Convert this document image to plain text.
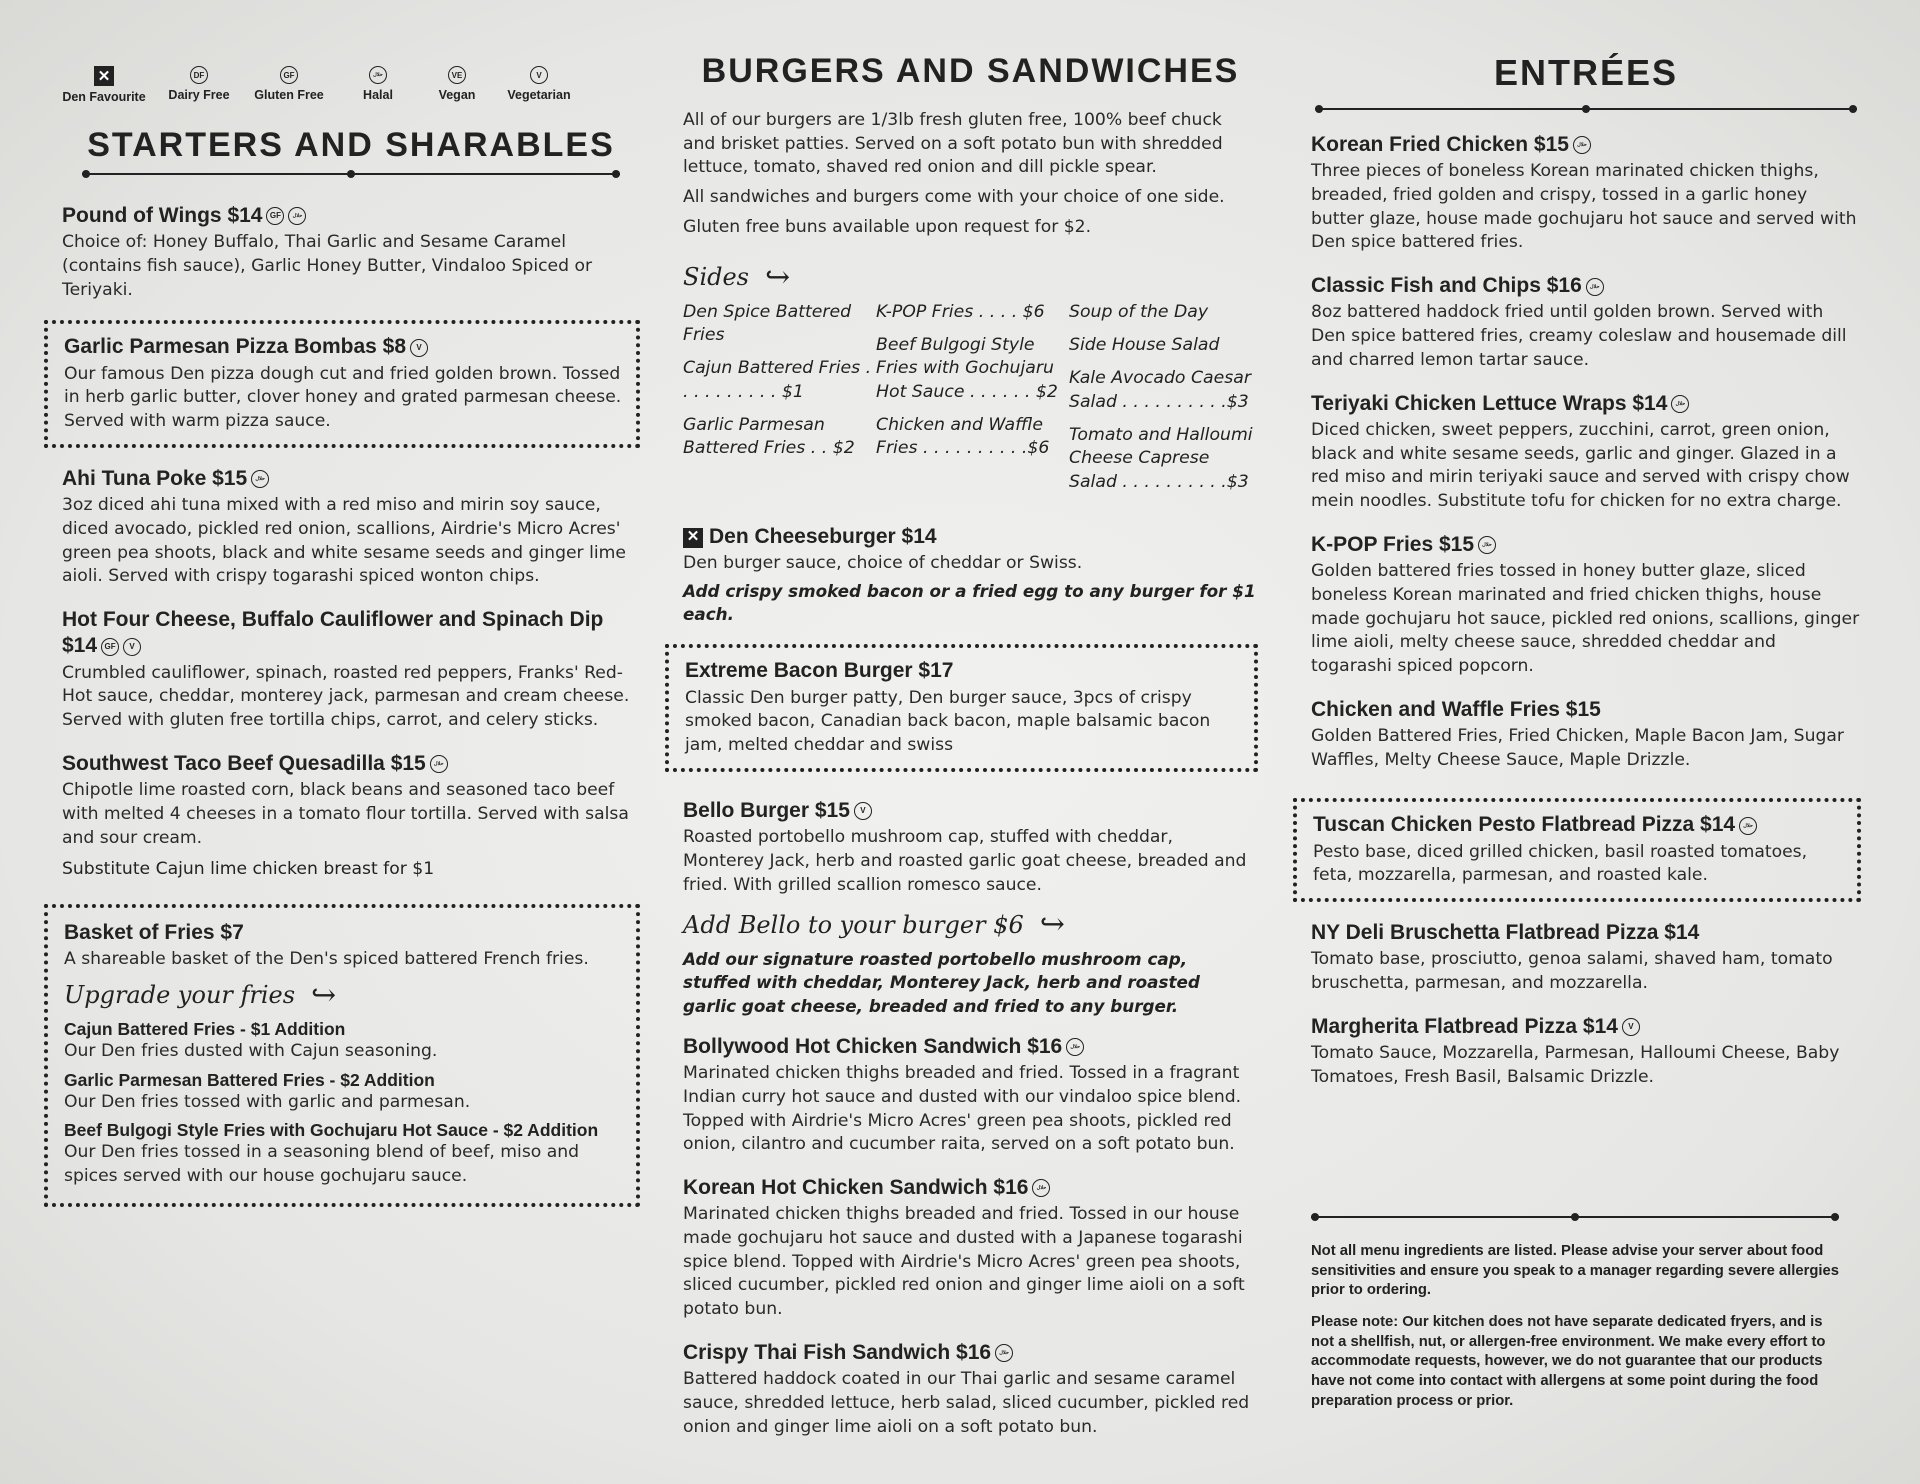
✕
Den Favourite
DF
Dairy Free
GF
Gluten Free
حلال
Halal
VE
Vegan
V
Vegetarian
STARTERS AND SHARABLES

Pound of Wings $14 GF حلال

Choice of: Honey Buffalo, Thai Garlic and Sesame Caramel (contains fish sauce), Garlic Honey Butter, Vindaloo Spiced or Teriyaki.

Garlic Parmesan Pizza Bombas $8 V

Our famous Den pizza dough cut and fried golden brown. Tossed in herb garlic butter, clover honey and grated parmesan cheese. Served with warm pizza sauce.

Ahi Tuna Poke $15 حلال

3oz diced ahi tuna mixed with a red miso and mirin soy sauce, diced avocado, pickled red onion, scallions, Airdrie's Micro Acres' green pea shoots, black and white sesame seeds and ginger lime aioli. Served with crispy togarashi spiced wonton chips.

Hot Four Cheese, Buffalo Cauliflower and Spinach Dip $14 GF V

Crumbled cauliflower, spinach, roasted red peppers, Franks' Red-Hot sauce, cheddar, monterey jack, parmesan and cream cheese. Served with gluten free tortilla chips, carrot, and celery sticks.

Southwest Taco Beef Quesadilla $15 حلال

Chipotle lime roasted corn, black beans and seasoned taco beef with melted 4 cheeses in a tomato flour tortilla. Served with salsa and sour cream.

Substitute Cajun lime chicken breast for $1

Basket of Fries $7

A shareable basket of the Den's spiced battered French fries.

Upgrade your fries ↪

Cajun Battered Fries - $1 Addition

Our Den fries dusted with Cajun seasoning.

Garlic Parmesan Battered Fries - $2 Addition

Our Den fries tossed with garlic and parmesan.

Beef Bulgogi Style Fries with Gochujaru Hot Sauce - $2 Addition

Our Den fries tossed in a seasoning blend of beef, miso and spices served with our house gochujaru sauce.

BURGERS AND SANDWICHES

All of our burgers are 1/3lb fresh gluten free, 100% beef chuck and brisket patties. Served on a soft potato bun with shredded lettuce, tomato, shaved red onion and dill pickle spear.

All sandwiches and burgers come with your choice of one side.

Gluten free buns available upon request for $2.

Sides ↪
Den Spice Battered Fries
Cajun Battered Fries . . . . . . . . . . $1
Garlic Parmesan Battered Fries . . $2
K-POP Fries . . . . $6
Beef Bulgogi Style Fries with Gochujaru Hot Sauce . . . . . . $2
Chicken and Waffle Fries . . . . . . . . . .$6
Soup of the Day
Side House Salad
Kale Avocado Caesar Salad . . . . . . . . . .$3
Tomato and Halloumi Cheese Caprese Salad . . . . . . . . . .$3

✕ Den Cheeseburger $14

Den burger sauce, choice of cheddar or Swiss.

Add crispy smoked bacon or a fried egg to any burger for $1 each.

Extreme Bacon Burger $17

Classic Den burger patty, Den burger sauce, 3pcs of crispy smoked bacon, Canadian back bacon, maple balsamic bacon jam, melted cheddar and swiss

Bello Burger $15 V

Roasted portobello mushroom cap, stuffed with cheddar, Monterey Jack, herb and roasted garlic goat cheese, breaded and fried. With grilled scallion romesco sauce.

Add Bello to your burger $6 ↪

Add our signature roasted portobello mushroom cap, stuffed with cheddar, Monterey Jack, herb and roasted garlic goat cheese, breaded and fried to any burger.

Bollywood Hot Chicken Sandwich $16 حلال

Marinated chicken thighs breaded and fried. Tossed in a fragrant Indian curry hot sauce and dusted with our vindaloo spice blend. Topped with Airdrie's Micro Acres' green pea shoots, pickled red onion, cilantro and cucumber raita, served on a soft potato bun.

Korean Hot Chicken Sandwich $16 حلال

Marinated chicken thighs breaded and fried. Tossed in our house made gochujaru hot sauce and dusted with a Japanese togarashi spice blend. Topped with Airdrie's Micro Acres' green pea shoots, sliced cucumber, pickled red onion and ginger lime aioli on a soft potato bun.

Crispy Thai Fish Sandwich $16 حلال

Battered haddock coated in our Thai garlic and sesame caramel sauce, shredded lettuce, herb salad, sliced cucumber, pickled red onion and ginger lime aioli on a soft potato bun.

ENTRÉES

Korean Fried Chicken $15 حلال

Three pieces of boneless Korean marinated chicken thighs, breaded, fried golden and crispy, tossed in a garlic honey butter glaze, house made gochujaru hot sauce and served with Den spice battered fries.

Classic Fish and Chips $16 حلال

8oz battered haddock fried until golden brown. Served with Den spice battered fries, creamy coleslaw and housemade dill and charred lemon tartar sauce.

Teriyaki Chicken Lettuce Wraps $14 حلال

Diced chicken, sweet peppers, zucchini, carrot, green onion, black and white sesame seeds, garlic and ginger. Glazed in a red miso and mirin teriyaki sauce and served with crispy chow mein noodles. Substitute tofu for chicken for no extra charge.

K-POP Fries $15 حلال

Golden battered fries tossed in honey butter glaze, sliced boneless Korean marinated and fried chicken thighs, house made gochujaru hot sauce, pickled red onions, scallions, ginger lime aioli, melty cheese sauce, shredded cheddar and togarashi spiced popcorn.

Chicken and Waffle Fries $15

Golden Battered Fries, Fried Chicken, Maple Bacon Jam, Sugar Waffles, Melty Cheese Sauce, Maple Drizzle.

Tuscan Chicken Pesto Flatbread Pizza $14 حلال

Pesto base, diced grilled chicken, basil roasted tomatoes, feta, mozzarella, parmesan, and roasted kale.

NY Deli Bruschetta Flatbread Pizza $14

Tomato base, prosciutto, genoa salami, shaved ham, tomato bruschetta, parmesan, and mozzarella.

Margherita Flatbread Pizza $14 V

Tomato Sauce, Mozzarella, Parmesan, Halloumi Cheese, Baby Tomatoes, Fresh Basil, Balsamic Drizzle.

Not all menu ingredients are listed. Please advise your server about food sensitivities and ensure you speak to a manager regarding severe allergies prior to ordering.

Please note: Our kitchen does not have separate dedicated fryers, and is not a shellfish, nut, or allergen-free environment. We make every effort to accommodate requests, however, we do not guarantee that our products have not come into contact with allergens at some point during the food preparation process or prior.
